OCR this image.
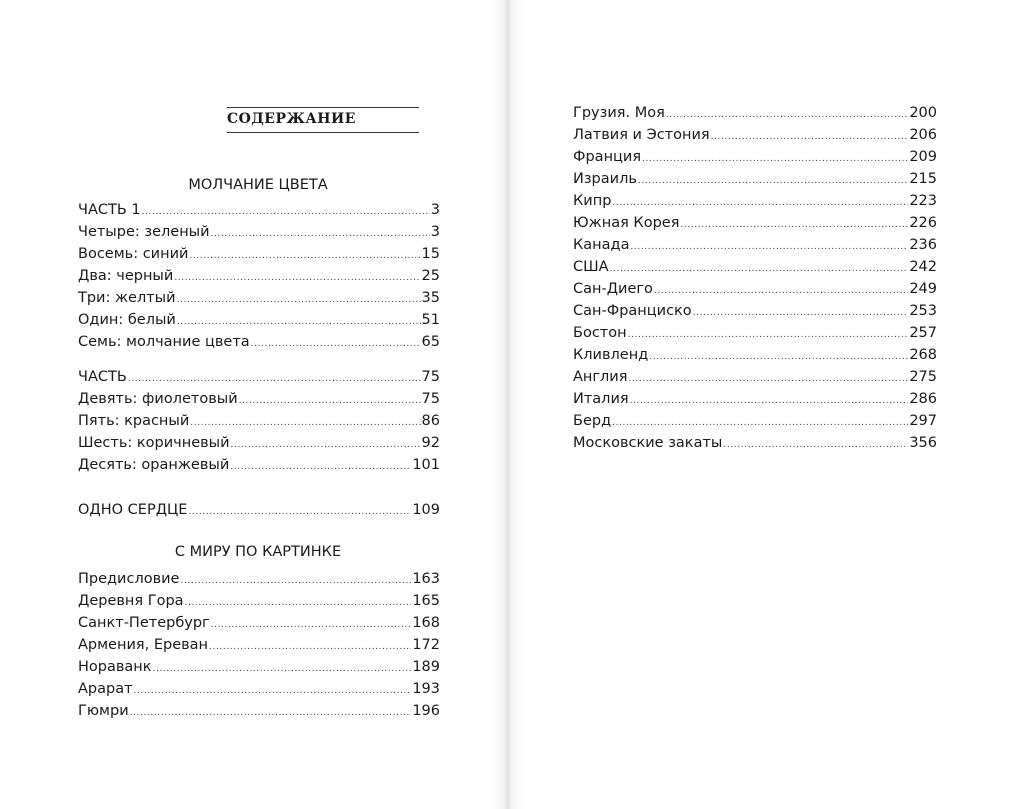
СОДЕРЖАНИЕ
МОЛЧАНИЕ ЦВЕТА
С МИРУ ПО КАРТИНКЕ
ЧАСТЬ 1 .....	3
Четыре: зеленый .....	3
Восемь: синий .....	15
Два: черный .....	25
Три: желтый .....	35
Один: белый .....	51
Семь: молчание цвета .....	65
ЧАСТЬ .....	75
Девять: фиолетовый .....	75
Пять: красный .....	86
Шесть: коричневый .....	92
Десять: оранжевый .....	101
ОДНО СЕРДЦЕ .....	109
Предисловие .....	163
Деревня Гора .....	165
Санкт-Петербург .....	168
Армения, Ереван .....	172
Нораванк .....	189
Арарат .....	193
Гюмри .....	196
Грузия. Моя .....	200
Латвия и Эстония .....	206
Франция .....	209
Израиль .....	215
Кипр .....	223
Южная Корея .....	226
Канада .....	236
США .....	242
Сан-Диего .....	249
Сан-Франциско .....	253
Бостон .....	257
Кливленд .....	268
Англия .....	275
Италия .....	286
Берд .....	297
Московские закаты .....	356
